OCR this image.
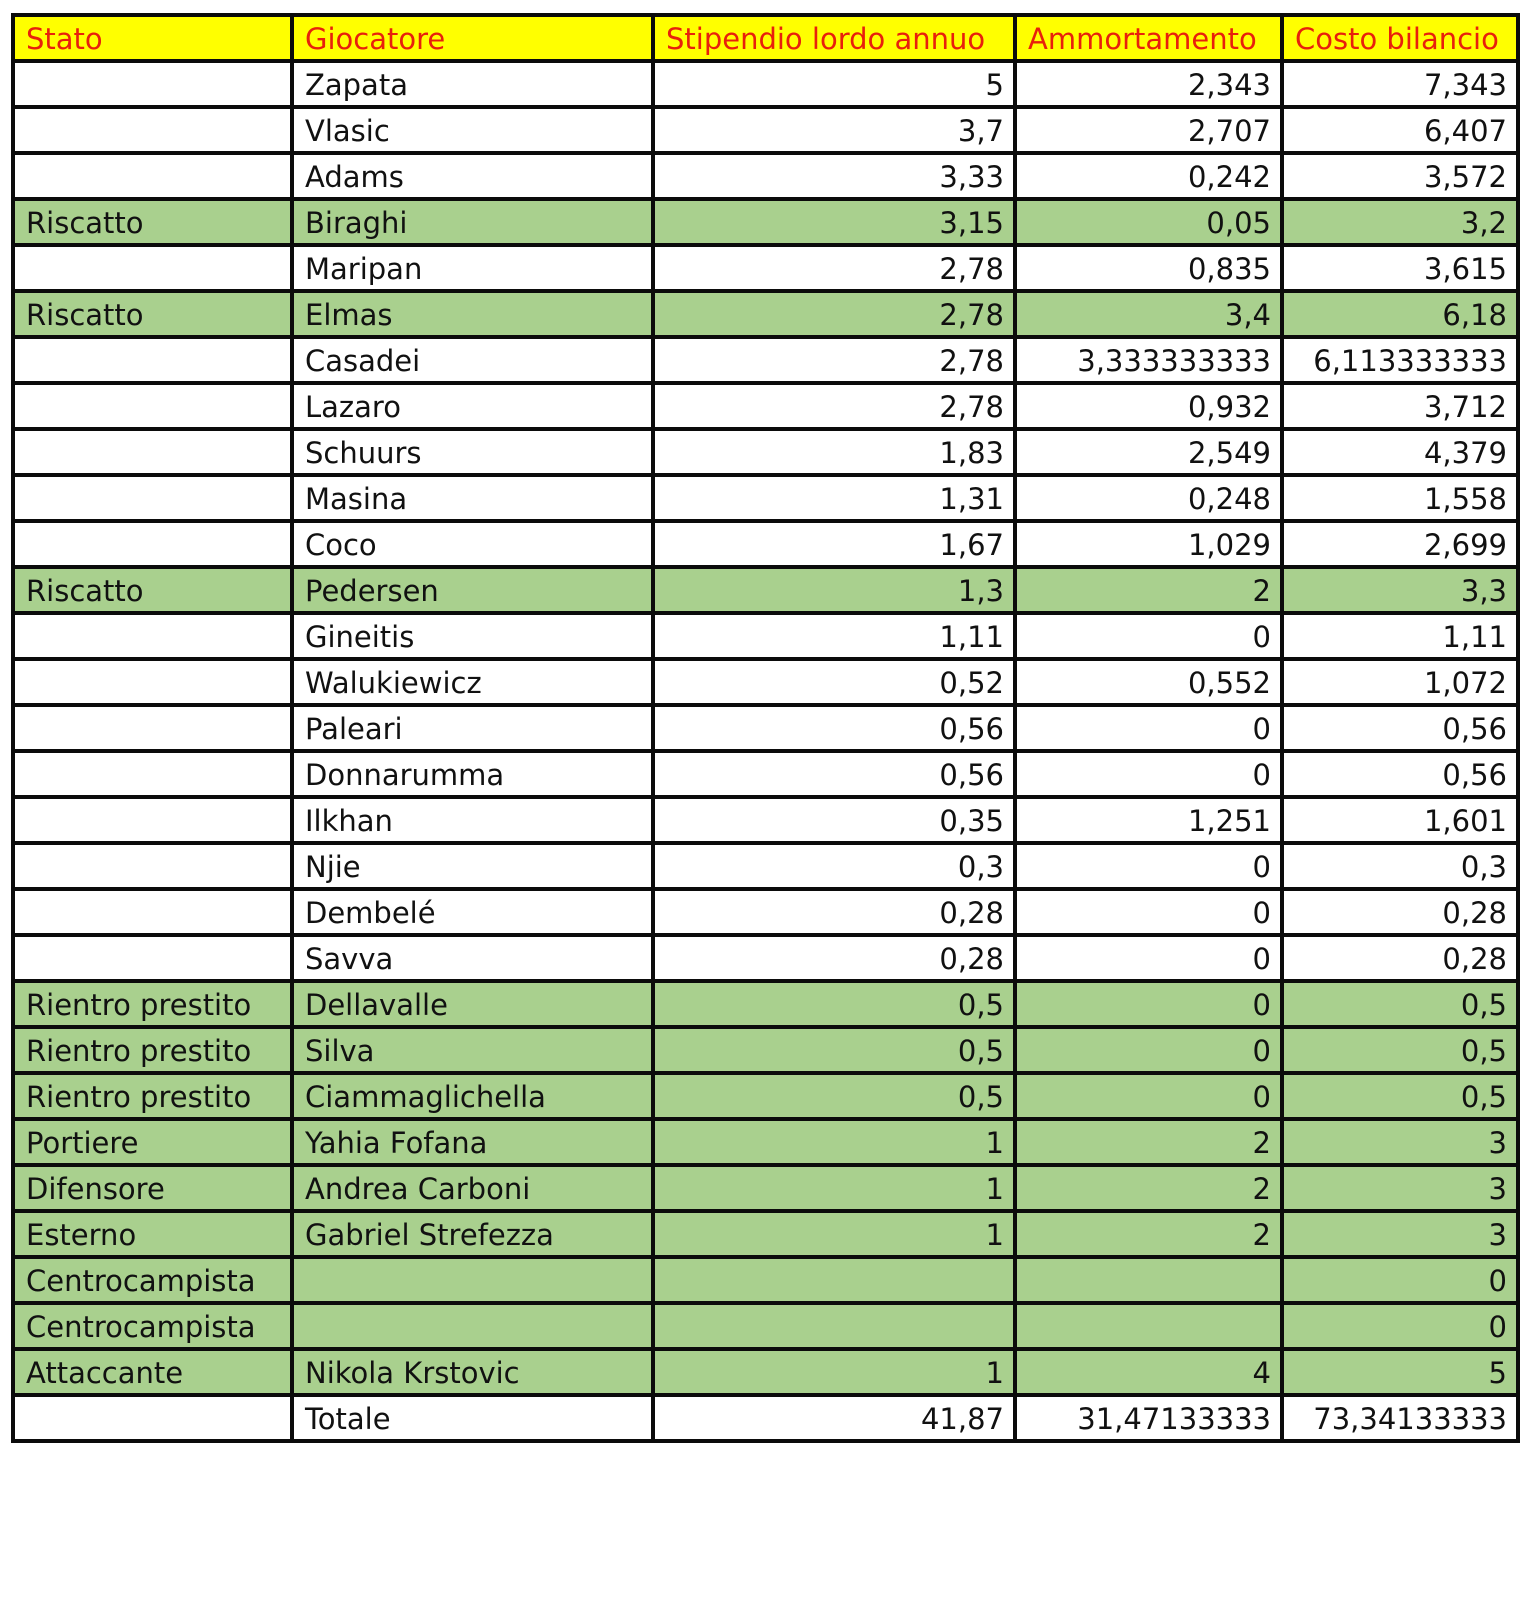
Stato	Giocatore	Stipendio lordo annuo	Ammortamento	Costo bilancio
	Zapata	5	2,343	7,343
	Vlasic	3,7	2,707	6,407
	Adams	3,33	0,242	3,572
Riscatto	Biraghi	3,15	0,05	3,2
	Maripan	2,78	0,835	3,615
Riscatto	Elmas	2,78	3,4	6,18
	Casadei	2,78	3,333333333	6,113333333
	Lazaro	2,78	0,932	3,712
	Schuurs	1,83	2,549	4,379
	Masina	1,31	0,248	1,558
	Coco	1,67	1,029	2,699
Riscatto	Pedersen	1,3	2	3,3
	Gineitis	1,11	0	1,11
	Walukiewicz	0,52	0,552	1,072
	Paleari	0,56	0	0,56
	Donnarumma	0,56	0	0,56
	Ilkhan	0,35	1,251	1,601
	Njie	0,3	0	0,3
	Dembelé	0,28	0	0,28
	Savva	0,28	0	0,28
Rientro prestito	Dellavalle	0,5	0	0,5
Rientro prestito	Silva	0,5	0	0,5
Rientro prestito	Ciammaglichella	0,5	0	0,5
Portiere	Yahia Fofana	1	2	3
Difensore	Andrea Carboni	1	2	3
Esterno	Gabriel Strefezza	1	2	3
Centrocampista				0
Centrocampista				0
Attaccante	Nikola Krstovic	1	4	5
	Totale	41,87	31,47133333	73,34133333
